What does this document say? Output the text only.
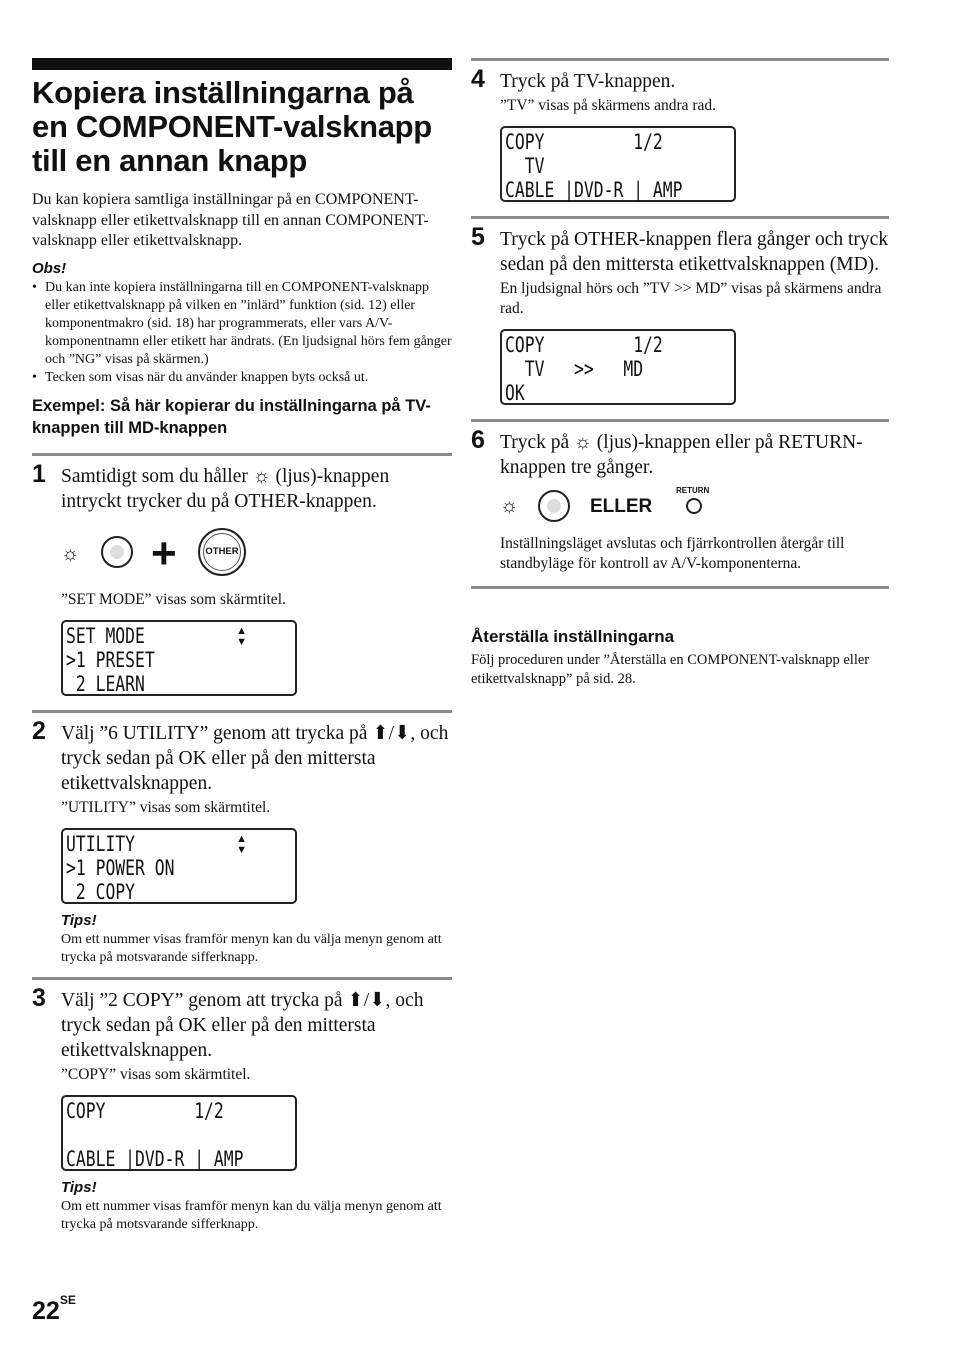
Kopiera inställningarna på en COMPONENT-valsknapp till en annan knapp

Du kan kopiera samtliga inställningar på en COMPONENT-valsknapp eller etikettvalsknapp till en annan COMPONENT-valsknapp eller etikettvalsknapp.

Obs!
• Du kan inte kopiera inställningarna till en COMPONENT-valsknapp eller etikettvalsknapp på vilken en ”inlärd” funktion (sid. 12) eller komponentmakro (sid. 18) har programmerats, eller vars A/V-komponentnamn eller etikett har ändrats. (En ljudsignal hörs fem gånger och ”NG” visas på skärmen.)
• Tecken som visas när du använder knappen byts också ut.
Exempel: Så här kopierar du inställningarna på TV-knappen till MD-knappen
1 Samtidigt som du håller ☼ (ljus)-knappen intryckt trycker du på OTHER-knappen.
☼ +	OTHER
”SET MODE” visas som skärmtitel.
SET MODE
>1 PRESET
2 LEARN
▲
▼
2 Välj ”6 UTILITY” genom att trycka på ⬆/⬇, och tryck sedan på OK eller på den mittersta etikettvalsknappen.
”UTILITY” visas som skärmtitel.
UTILITY
>1 POWER ON
2 COPY
▲
▼
Tips!
Om ett nummer visas framför menyn kan du välja menyn genom att trycka på motsvarande sifferknapp.
3 Välj ”2 COPY” genom att trycka på ⬆/⬇, och tryck sedan på OK eller på den mittersta etikettvalsknappen.
”COPY” visas som skärmtitel.
COPY         1/2
CABLE |DVD-R | AMP
Tips!
Om ett nummer visas framför menyn kan du välja menyn genom att trycka på motsvarande sifferknapp.
4 Tryck på TV-knappen.
”TV” visas på skärmens andra rad.
COPY         1/2
TV
CABLE |DVD-R | AMP
5 Tryck på OTHER-knappen flera gånger och tryck sedan på den mittersta etikettvalsknappen (MD).
En ljudsignal hörs och ”TV >> MD” visas på skärmens andra rad.
COPY         1/2
TV   >>   MD
OK
6 Tryck på ☼ (ljus)-knappen eller på RETURN-knappen tre gånger.
☼	ELLER
RETURN
Inställningsläget avslutas och fjärrkontrollen återgår till standbyläge för kontroll av A/V-komponenterna.
Återställa inställningarna
Följ proceduren under ”Återställa en COMPONENT-valsknapp eller etikettvalsknapp” på sid. 28.
$22^{SE}$
